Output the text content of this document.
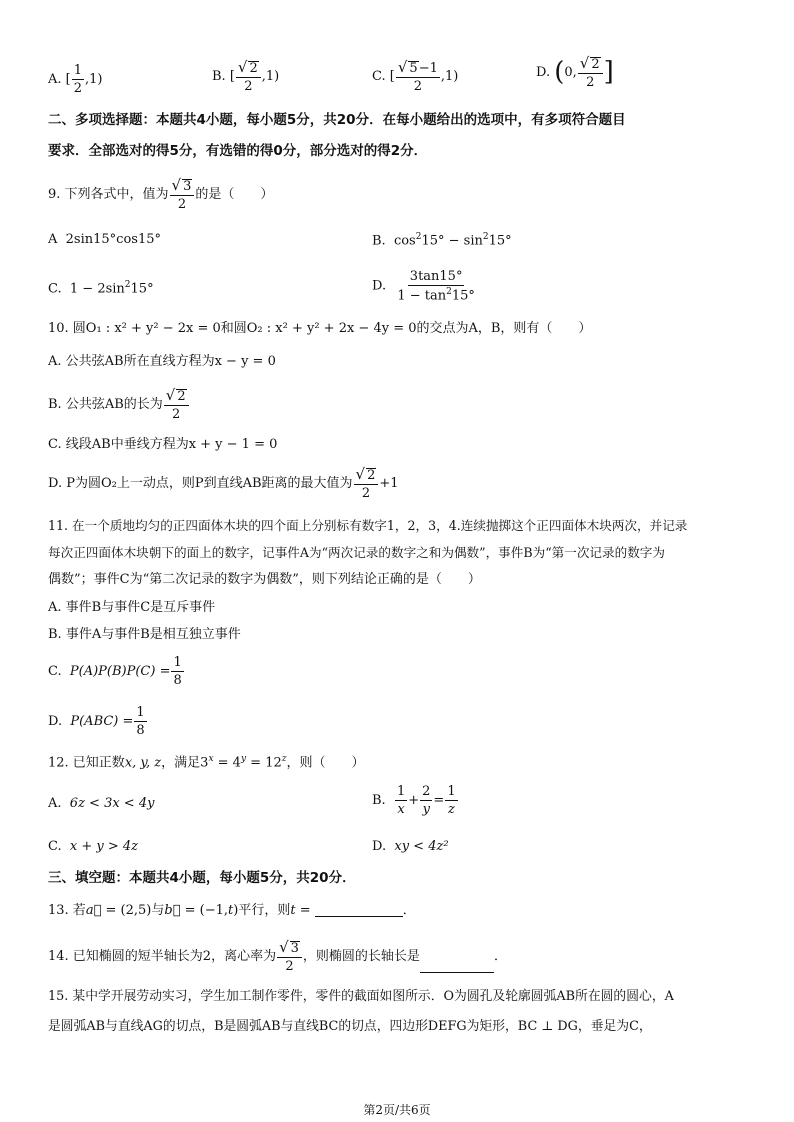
A. [ $\frac{1}{2} ,1$)	B. [ $\frac{√ 2}{2} ,1$)	C. [ $\frac{√ 5-1}{2} ,1$)	D. (0, $\frac{√ 2}{2}$ ]
二、多项选择题：本题共4小题，每小题5分，共20分．在每小题给出的选项中，有多项符合题目
要求．全部选对的得5分，有选错的得0分，部分选对的得2分．
9. 下列各式中，值为 $\frac{√ 3}{2}$ 的是（　　）
A  2sin15°cos15°	B.  $\cos^215^\circ - \sin^215^\circ$
C.  $1 - 2\sin^215^\circ$	D. $\frac{3\tan 15^\circ}{1 - \tan^215^\circ}$
10. 圆O₁ : x² + y² − 2x = 0和圆O₂ : x² + y² + 2x − 4y = 0的交点为A，B，则有（　　）
A. 公共弦AB所在直线方程为x − y = 0
B. 公共弦AB的长为 $\frac{√ 2}{2}$
C. 线段AB中垂线方程为x + y − 1 = 0
D. P为圆O₂上一动点，则P到直线AB距离的最大值为 $\frac{√ 2}{2} +1$
11. 在一个质地均匀的正四面体木块的四个面上分别标有数字1，2，3，4.连续抛掷这个正四面体木块两次，并记录
每次正四面体木块朝下的面上的数字，记事件A为“两次记录的数字之和为偶数”，事件B为“第一次记录的数字为
偶数”；事件C为“第二次记录的数字为偶数”，则下列结论正确的是（　　）
A. 事件B与事件C是互斥事件
B. 事件A与事件B是相互独立事件
C. $P(A)P(B)P(C) = \frac{1}{8}$
D. $P(ABC) = \frac{1}{8}$
12. 已知正数x, y, z，满足$3^x = 4^y = 12^z$，则（　　）
A. 6z < 3x < 4y	B. $\frac{1}{x} + \frac{2}{y} = \frac{1}{z}$
C. x + y > 4z	D. xy < 4z²
三、填空题：本题共4小题，每小题5分，共20分．
13. 若a⃗ = (2,5)与b⃗ = (−1,t)平行，则t =	．
14. 已知椭圆的短半轴长为2，离心率为 $\frac{√ 3}{2}$ ，则椭圆的长轴长是	．
15. 某中学开展劳动实习，学生加工制作零件，零件的截面如图所示．O为圆孔及轮廓圆弧AB所在圆的圆心，A
是圆弧AB与直线AG的切点，B是圆弧AB与直线BC的切点，四边形DEFG为矩形，BC ⊥ DG，垂足为C，
第2页/共6页
